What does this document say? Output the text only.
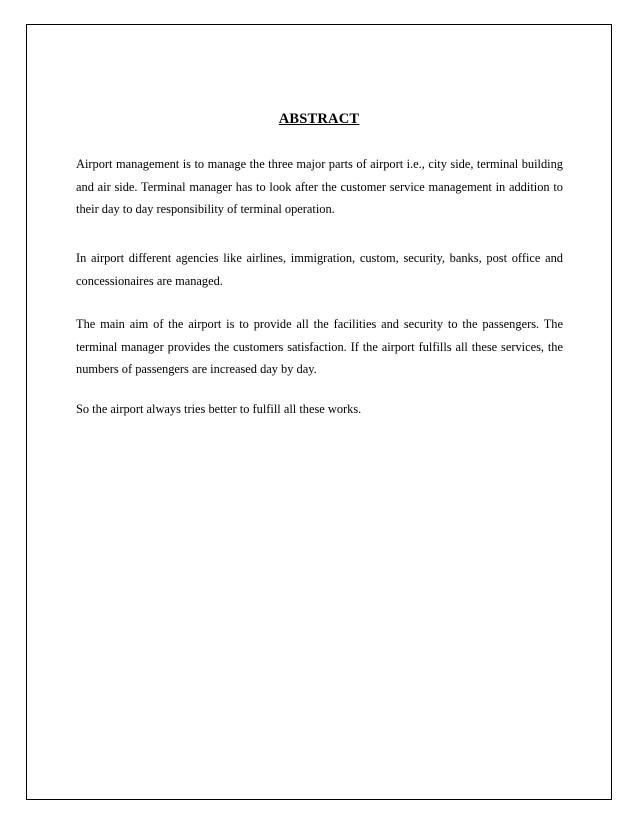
ABSTRACT

Airport management is to manage the three major parts of airport i.e., city side, terminal building and air side. Terminal manager has to look after the customer service management in addition to their day to day responsibility of terminal operation.

In airport different agencies like airlines, immigration, custom, security, banks, post office and concessionaires are managed.

The main aim of the airport is to provide all the facilities and security to the passengers. The terminal manager provides the customers satisfaction. If the airport fulfills all these services, the numbers of passengers are increased day by day.

So the airport always tries better to fulfill all these works.
